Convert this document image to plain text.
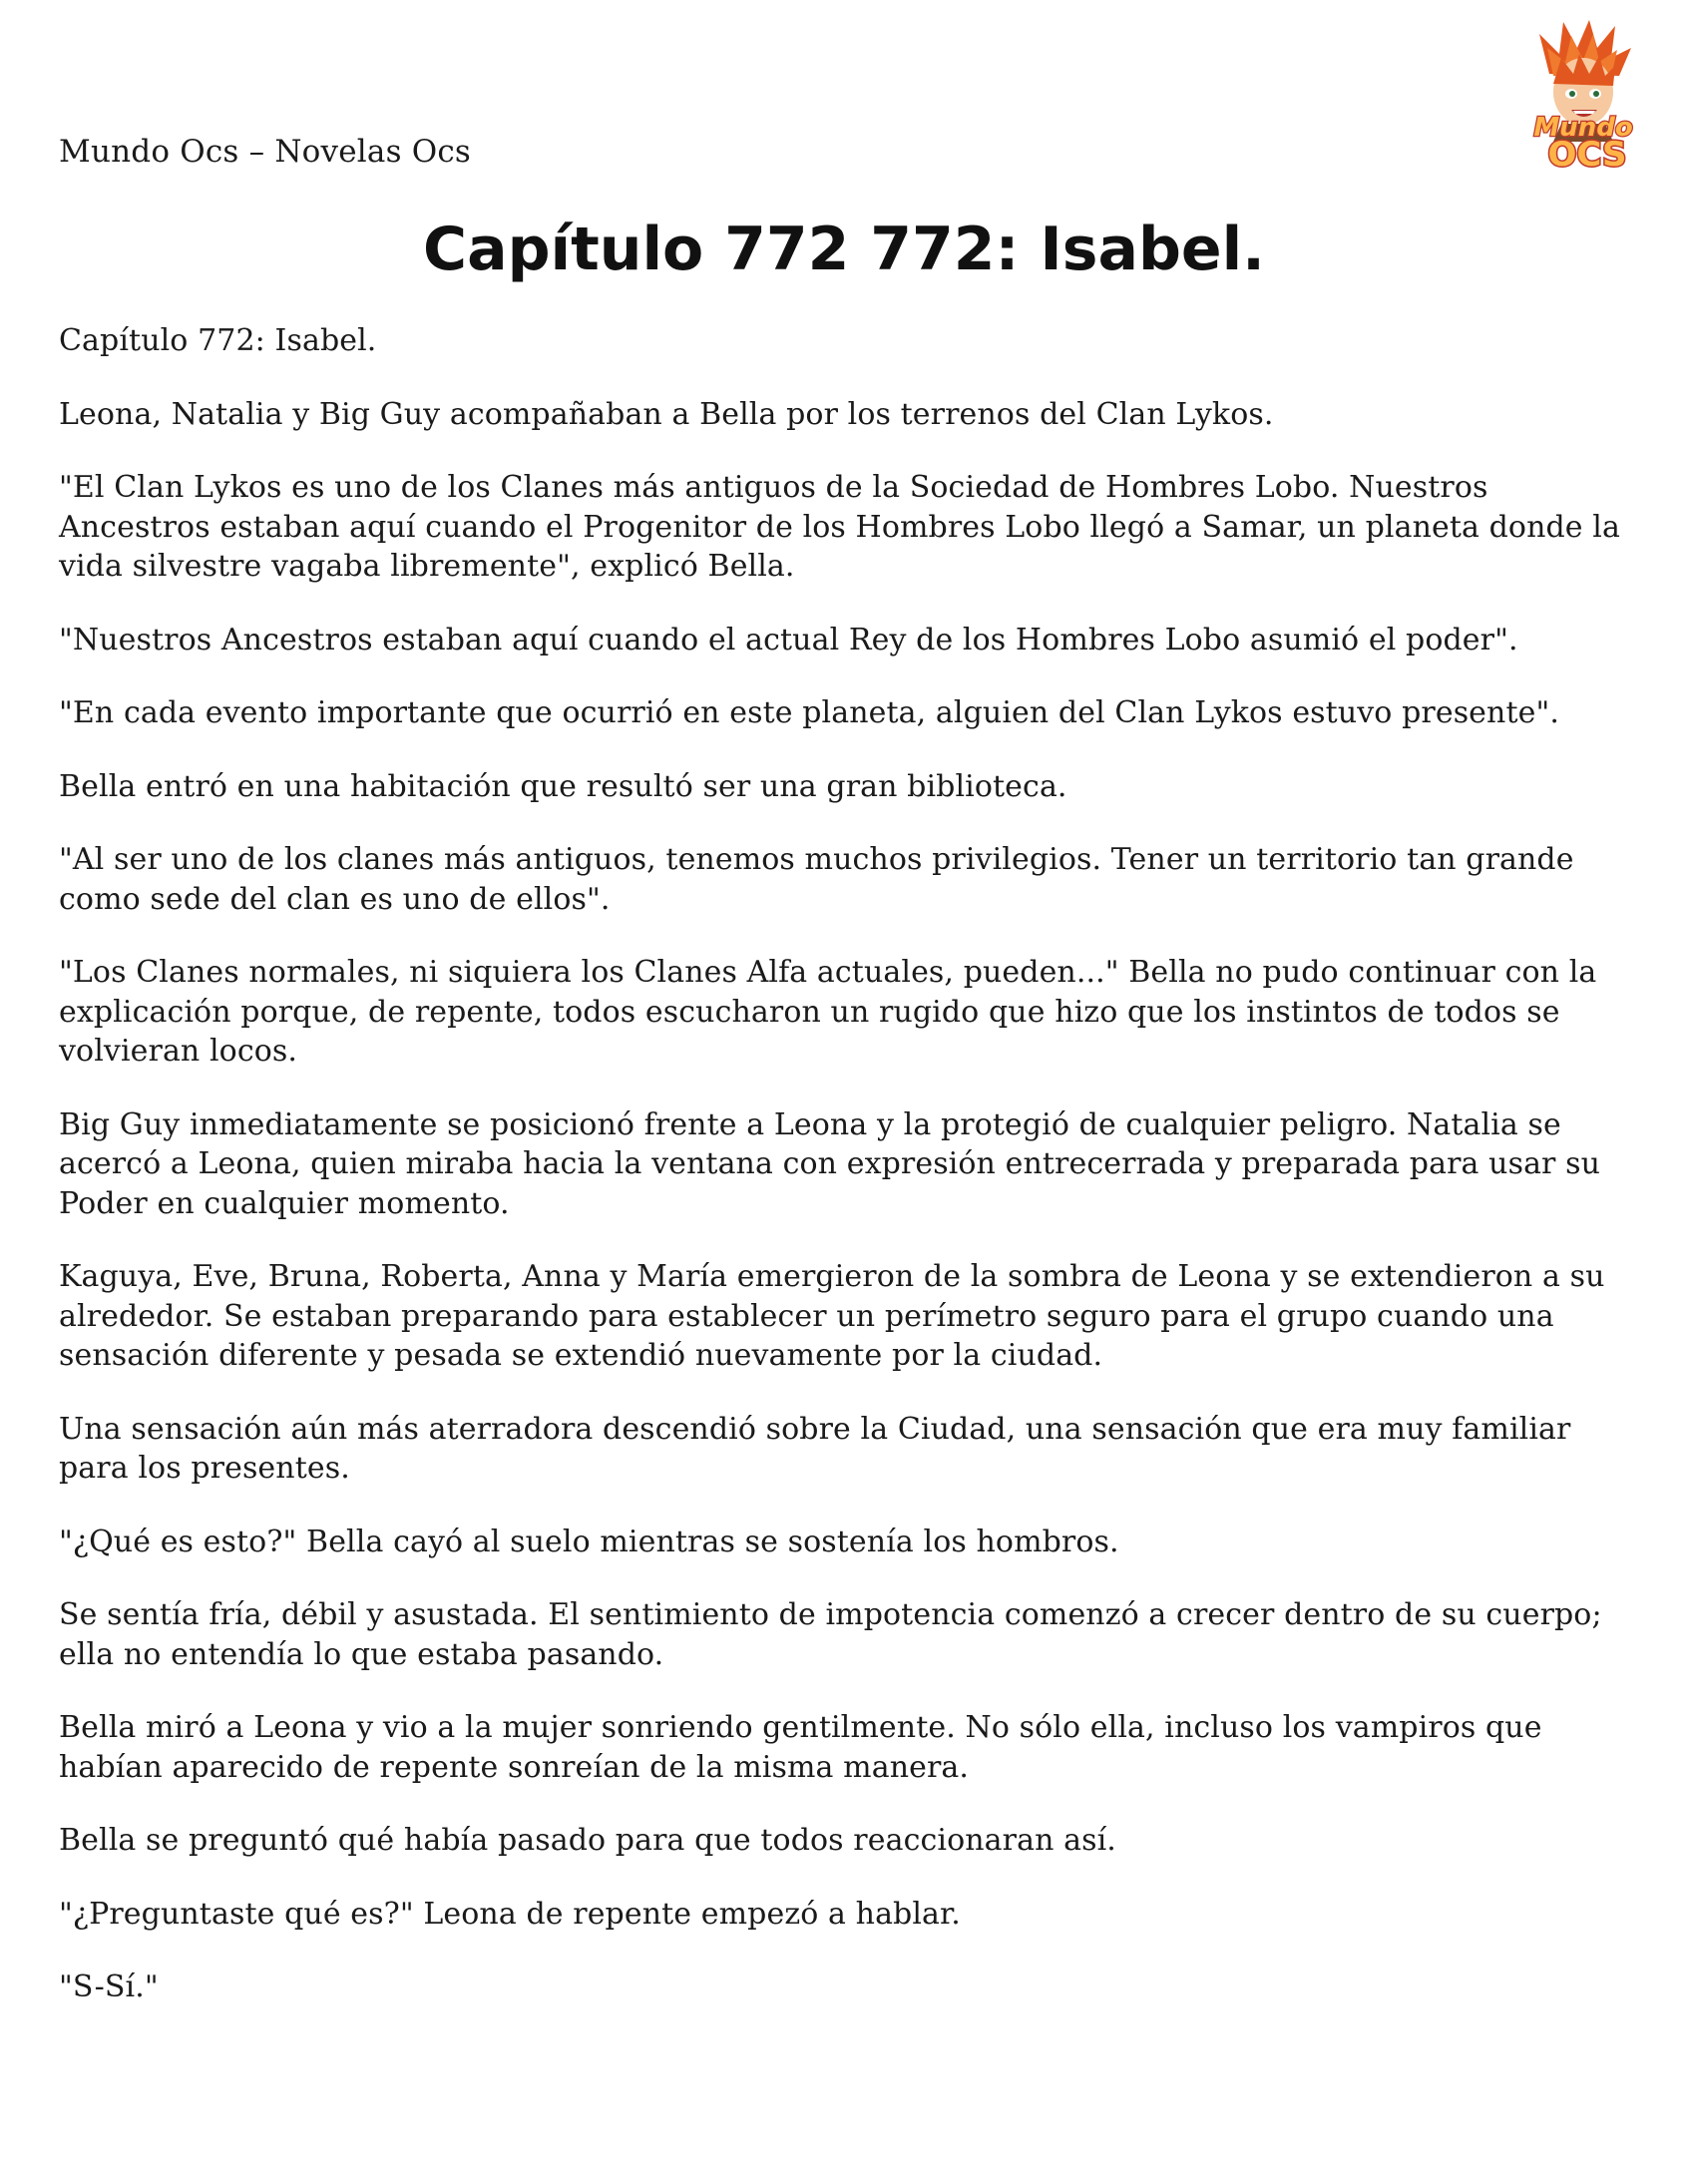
Mundo Ocs – Novelas Ocs
Mundo
OCS
Capítulo 772 772: Isabel.

Capítulo 772: Isabel.

Leona, Natalia y Big Guy acompañaban a Bella por los terrenos del Clan Lykos.

"El Clan Lykos es uno de los Clanes más antiguos de la Sociedad de Hombres Lobo. Nuestros Ancestros estaban aquí cuando el Progenitor de los Hombres Lobo llegó a Samar, un planeta donde la vida silvestre vagaba libremente", explicó Bella.

"Nuestros Ancestros estaban aquí cuando el actual Rey de los Hombres Lobo asumió el poder".

"En cada evento importante que ocurrió en este planeta, alguien del Clan Lykos estuvo presente".

Bella entró en una habitación que resultó ser una gran biblioteca.

"Al ser uno de los clanes más antiguos, tenemos muchos privilegios. Tener un territorio tan grande como sede del clan es uno de ellos".

"Los Clanes normales, ni siquiera los Clanes Alfa actuales, pueden..." Bella no pudo continuar con la explicación porque, de repente, todos escucharon un rugido que hizo que los instintos de todos se volvieran locos.

Big Guy inmediatamente se posicionó frente a Leona y la protegió de cualquier peligro. Natalia se acercó a Leona, quien miraba hacia la ventana con expresión entrecerrada y preparada para usar su Poder en cualquier momento.

Kaguya, Eve, Bruna, Roberta, Anna y María emergieron de la sombra de Leona y se extendieron a su alrededor. Se estaban preparando para establecer un perímetro seguro para el grupo cuando una sensación diferente y pesada se extendió nuevamente por la ciudad.

Una sensación aún más aterradora descendió sobre la Ciudad, una sensación que era muy familiar para los presentes.

"¿Qué es esto?" Bella cayó al suelo mientras se sostenía los hombros.

Se sentía fría, débil y asustada. El sentimiento de impotencia comenzó a crecer dentro de su cuerpo; ella no entendía lo que estaba pasando.

Bella miró a Leona y vio a la mujer sonriendo gentilmente. No sólo ella, incluso los vampiros que habían aparecido de repente sonreían de la misma manera.

Bella se preguntó qué había pasado para que todos reaccionaran así.

"¿Preguntaste qué es?" Leona de repente empezó a hablar.

"S-Sí."
